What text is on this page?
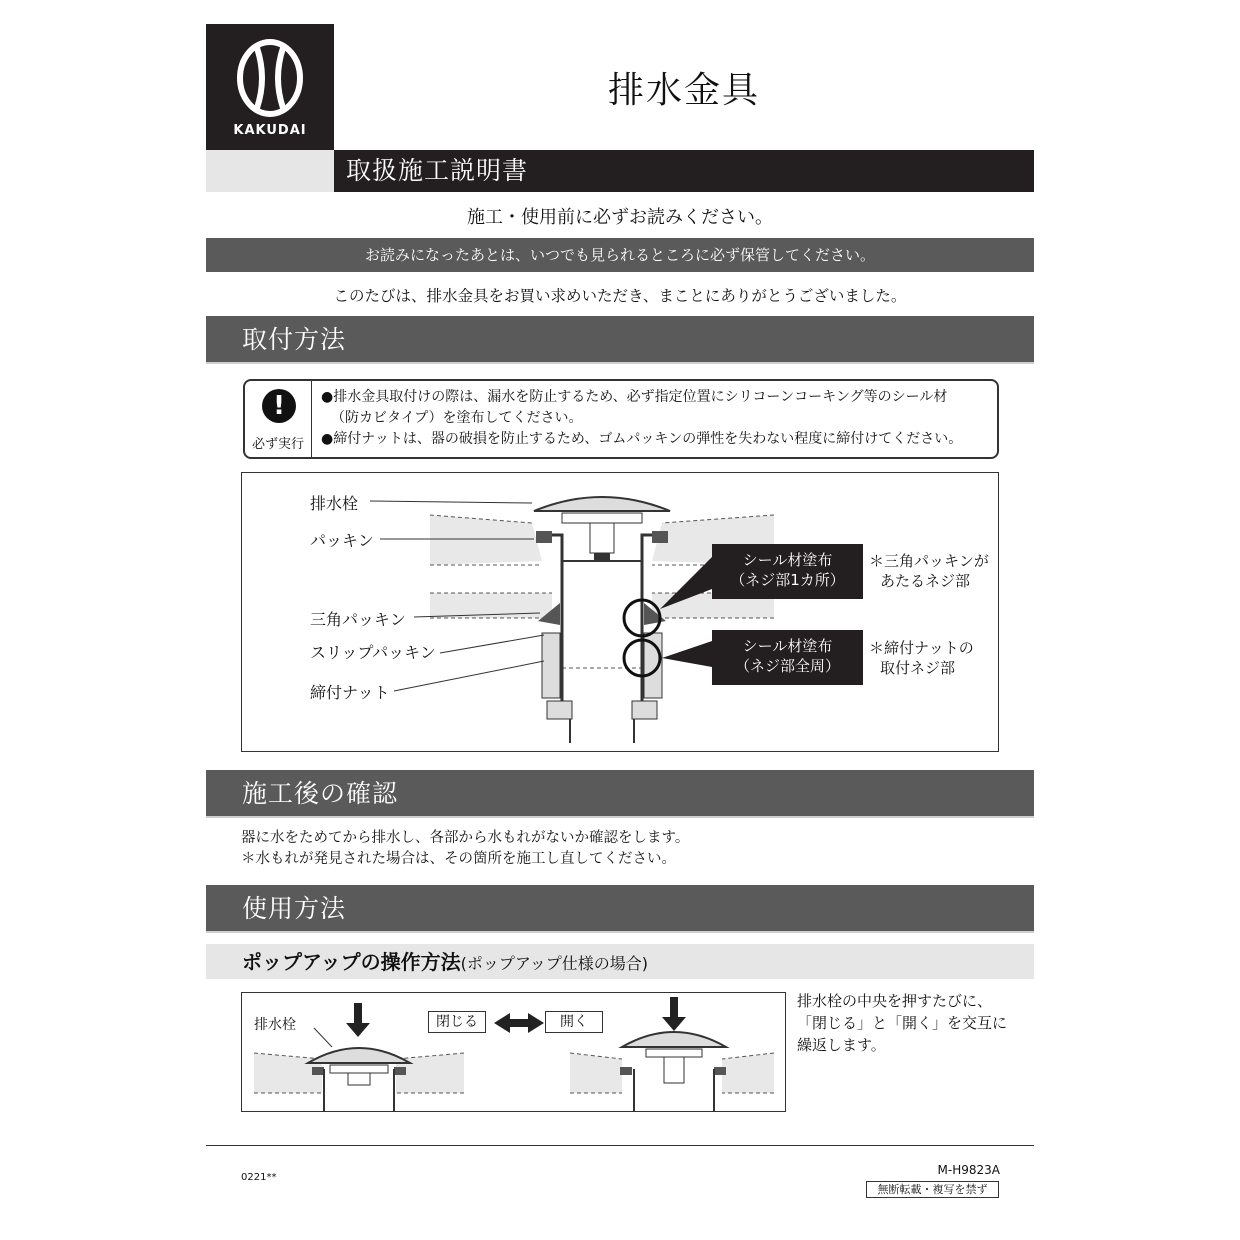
KAKUDAI
排水金具
取扱施工説明書
施工・使用前に必ずお読みください。
お読みになったあとは、いつでも見られるところに必ず保管してください。
このたびは、排水金具をお買い求めいただき、まことにありがとうございました。
取付方法
!
必ず実行
●排水金具取付けの際は、漏水を防止するため、必ず指定位置にシリコーンコーキング等のシール材
（防カビタイプ）を塗布してください。
●締付ナットは、器の破損を防止するため、ゴムパッキンの弾性を失わない程度に締付けてください。
排水栓
パッキン
三角パッキン
スリップパッキン
締付ナット
シール材塗布
（ネジ部1カ所）
シール材塗布
（ネジ部全周）
＊三角パッキンが
あたるネジ部
＊締付ナットの
取付ネジ部
施工後の確認
器に水をためてから排水し、各部から水もれがないか確認をします。
＊水もれが発見された場合は、その箇所を施工し直してください。
使用方法
ポップアップの操作方法(ポップアップ仕様の場合)
排水栓	閉じる	開く
排水栓の中央を押すたびに、
「閉じる」と「開く」を交互に
繰返します。
0221**
M-H9823A
無断転載・複写を禁ず
